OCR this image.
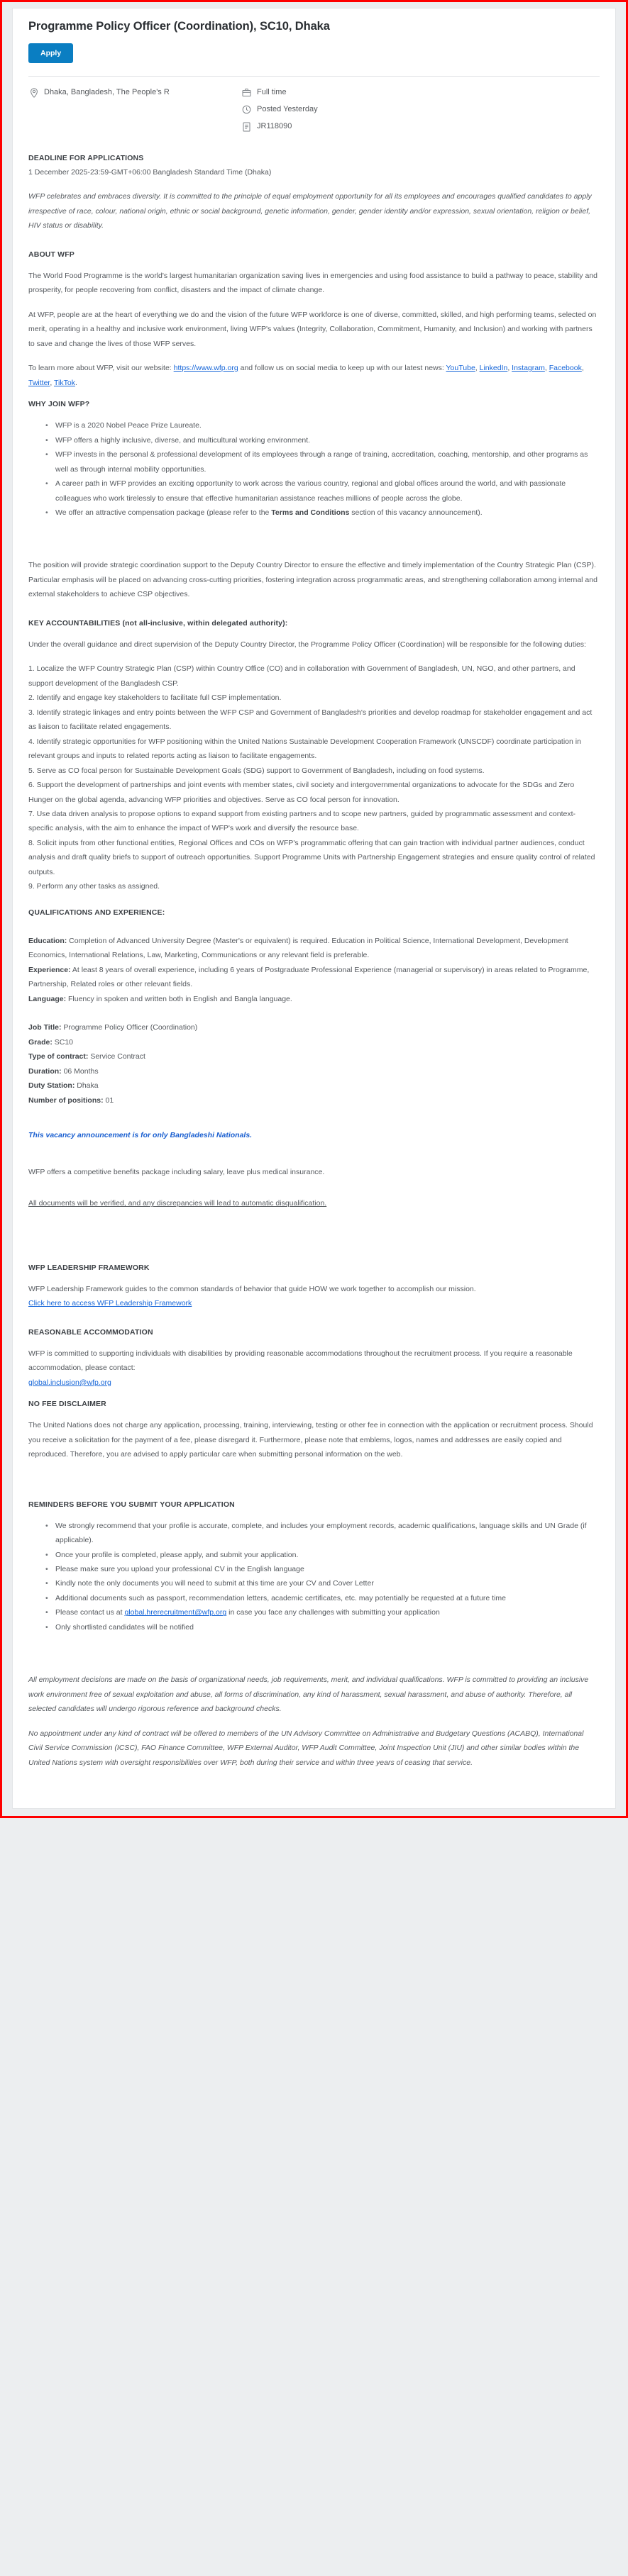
Programme Policy Officer (Coordination), SC10, Dhaka
Apply
Dhaka, Bangladesh, The People's R	Full time
Posted Yesterday
JR118090
DEADLINE FOR APPLICATIONS

1 December 2025-23:59-GMT+06:00 Bangladesh Standard Time (Dhaka)

WFP celebrates and embraces diversity. It is committed to the principle of equal employment opportunity for all its employees and encourages qualified candidates to apply irrespective of race, colour, national origin, ethnic or social background, genetic information, gender, gender identity and/or expression, sexual orientation, religion or belief, HIV status or disability.

ABOUT WFP

The World Food Programme is the world's largest humanitarian organization saving lives in emergencies and using food assistance to build a pathway to peace, stability and prosperity, for people recovering from conflict, disasters and the impact of climate change.

At WFP, people are at the heart of everything we do and the vision of the future WFP workforce is one of diverse, committed, skilled, and high performing teams, selected on merit, operating in a healthy and inclusive work environment, living WFP's values (Integrity, Collaboration, Commitment, Humanity, and Inclusion) and working with partners to save and change the lives of those WFP serves.

To learn more about WFP, visit our website: https://www.wfp.org and follow us on social media to keep up with our latest news: YouTube, LinkedIn, Instagram, Facebook, Twitter, TikTok.

WHY JOIN WFP?
• WFP is a 2020 Nobel Peace Prize Laureate.
• WFP offers a highly inclusive, diverse, and multicultural working environment.
• WFP invests in the personal & professional development of its employees through a range of training, accreditation, coaching, mentorship, and other programs as well as through internal mobility opportunities.
• A career path in WFP provides an exciting opportunity to work across the various country, regional and global offices around the world, and with passionate colleagues who work tirelessly to ensure that effective humanitarian assistance reaches millions of people across the globe.
• We offer an attractive compensation package (please refer to the Terms and Conditions section of this vacancy announcement).

The position will provide strategic coordination support to the Deputy Country Director to ensure the effective and timely implementation of the Country Strategic Plan (CSP). Particular emphasis will be placed on advancing cross-cutting priorities, fostering integration across programmatic areas, and strengthening collaboration among internal and external stakeholders to achieve CSP objectives.

KEY ACCOUNTABILITIES (not all-inclusive, within delegated authority):

Under the overall guidance and direct supervision of the Deputy Country Director, the Programme Policy Officer (Coordination) will be responsible for the following duties:

1. Localize the WFP Country Strategic Plan (CSP) within Country Office (CO) and in collaboration with Government of Bangladesh, UN, NGO, and other partners, and support development of the Bangladesh CSP.

2. Identify and engage key stakeholders to facilitate full CSP implementation.

3. Identify strategic linkages and entry points between the WFP CSP and Government of Bangladesh's priorities and develop roadmap for stakeholder engagement and act as liaison to facilitate related engagements.

4. Identify strategic opportunities for WFP positioning within the United Nations Sustainable Development Cooperation Framework (UNSCDF) coordinate participation in relevant groups and inputs to related reports acting as liaison to facilitate engagements.

5. Serve as CO focal person for Sustainable Development Goals (SDG) support to Government of Bangladesh, including on food systems.

6. Support the development of partnerships and joint events with member states, civil society and intergovernmental organizations to advocate for the SDGs and Zero Hunger on the global agenda, advancing WFP priorities and objectives. Serve as CO focal person for innovation.

7. Use data driven analysis to propose options to expand support from existing partners and to scope new partners, guided by programmatic assessment and context-specific analysis, with the aim to enhance the impact of WFP's work and diversify the resource base.

8. Solicit inputs from other functional entities, Regional Offices and COs on WFP's programmatic offering that can gain traction with individual partner audiences, conduct analysis and draft quality briefs to support of outreach opportunities. Support Programme Units with Partnership Engagement strategies and ensure quality control of related outputs.

9. Perform any other tasks as assigned.

QUALIFICATIONS AND EXPERIENCE:

Education: Completion of Advanced University Degree (Master's or equivalent) is required. Education in Political Science, International Development, Development Economics, International Relations, Law, Marketing, Communications or any relevant field is preferable.

Experience: At least 8 years of overall experience, including 6 years of Postgraduate Professional Experience (managerial or supervisory) in areas related to Programme, Partnership, Related roles or other relevant fields.

Language: Fluency in spoken and written both in English and Bangla language.

Job Title: Programme Policy Officer (Coordination)

Grade: SC10

Type of contract: Service Contract

Duration: 06 Months

Duty Station: Dhaka

Number of positions: 01

This vacancy announcement is for only Bangladeshi Nationals.

WFP offers a competitive benefits package including salary, leave plus medical insurance.

All documents will be verified, and any discrepancies will lead to automatic disqualification.

WFP LEADERSHIP FRAMEWORK

WFP Leadership Framework guides to the common standards of behavior that guide HOW we work together to accomplish our mission.

Click here to access WFP Leadership Framework

REASONABLE ACCOMMODATION

WFP is committed to supporting individuals with disabilities by providing reasonable accommodations throughout the recruitment process. If you require a reasonable accommodation, please contact:

global.inclusion@wfp.org

NO FEE DISCLAIMER

The United Nations does not charge any application, processing, training, interviewing, testing or other fee in connection with the application or recruitment process. Should you receive a solicitation for the payment of a fee, please disregard it. Furthermore, please note that emblems, logos, names and addresses are easily copied and reproduced. Therefore, you are advised to apply particular care when submitting personal information on the web.

REMINDERS BEFORE YOU SUBMIT YOUR APPLICATION
• We strongly recommend that your profile is accurate, complete, and includes your employment records, academic qualifications, language skills and UN Grade (if applicable).
• Once your profile is completed, please apply, and submit your application.
• Please make sure you upload your professional CV in the English language
• Kindly note the only documents you will need to submit at this time are your CV and Cover Letter
• Additional documents such as passport, recommendation letters, academic certificates, etc. may potentially be requested at a future time
• Please contact us at global.hrerecruitment@wfp.org in case you face any challenges with submitting your application
• Only shortlisted candidates will be notified

All employment decisions are made on the basis of organizational needs, job requirements, merit, and individual qualifications. WFP is committed to providing an inclusive work environment free of sexual exploitation and abuse, all forms of discrimination, any kind of harassment, sexual harassment, and abuse of authority. Therefore, all selected candidates will undergo rigorous reference and background checks.

No appointment under any kind of contract will be offered to members of the UN Advisory Committee on Administrative and Budgetary Questions (ACABQ), International Civil Service Commission (ICSC), FAO Finance Committee, WFP External Auditor, WFP Audit Committee, Joint Inspection Unit (JIU) and other similar bodies within the United Nations system with oversight responsibilities over WFP, both during their service and within three years of ceasing that service.
